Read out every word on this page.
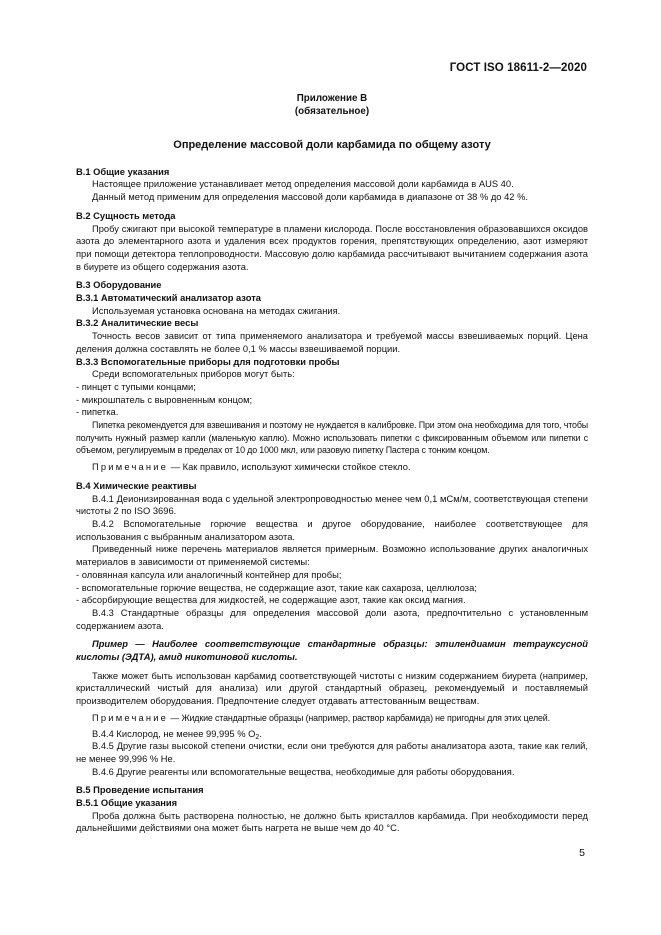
ГОСТ ISO 18611-2—2020
Приложение В
(обязательное)
Определение массовой доли карбамида по общему азоту
В.1 Общие указания

Настоящее приложение устанавливает метод определения массовой доли карбамида в AUS 40.

Данный метод применим для определения массовой доли карбамида в диапазоне от 38 % до 42 %.

В.2 Сущность метода

Пробу сжигают при высокой температуре в пламени кислорода. После восстановления образовавшихся оксидов азота до элементарного азота и удаления всех продуктов горения, препятствующих определению, азот измеряют при помощи детектора теплопроводности. Массовую долю карбамида рассчитывают вычитанием содержания азота в биурете из общего содержания азота.

В.3 Оборудование
В.3.1 Автоматический анализатор азота

Используемая установка основана на методах сжигания.

В.3.2 Аналитические весы

Точность весов зависит от типа применяемого анализатора и требуемой массы взвешиваемых порций. Цена деления должна составлять не более 0,1 % массы взвешиваемой порции.

В.3.3 Вспомогательные приборы для подготовки пробы

Среди вспомогательных приборов могут быть:

- пинцет с тупыми концами;

- микрошпатель с выровненным концом;

- пипетка.

Пипетка рекомендуется для взвешивания и поэтому не нуждается в калибровке. При этом она необходима для того, чтобы получить нужный размер капли (маленькую каплю). Можно использовать пипетки с фиксированным объемом или пипетки с объемом, регулируемым в пределах от 10 до 1000 мкл, или разовую пипетку Пастера с тонким концом.

Примечание — Как правило, используют химически стойкое стекло.

В.4 Химические реактивы

В.4.1 Деионизированная вода с удельной электропроводностью менее чем 0,1 мСм/м, соответствующая степени чистоты 2 по ISO 3696.

В.4.2 Вспомогательные горючие вещества и другое оборудование, наиболее соответствующее для использования с выбранным анализатором азота.

Приведенный ниже перечень материалов является примерным. Возможно использование других аналогичных материалов в зависимости от применяемой системы:

- оловянная капсула или аналогичный контейнер для пробы;

- вспомогательные горючие вещества, не содержащие азот, такие как сахароза, целлюлоза;

- абсорбирующие вещества для жидкостей, не содержащие азот, такие как оксид магния.

В.4.3 Стандартные образцы для определения массовой доли азота, предпочтительно с установленным содержанием азота.

Пример — Наиболее соответствующие стандартные образцы: этилендиамин тетрауксусной кислоты (ЭДТА), амид никотиновой кислоты.

Также может быть использован карбамид соответствующей чистоты с низким содержанием биурета (например, кристаллический чистый для анализа) или другой стандартный образец, рекомендуемый и поставляемый производителем оборудования. Предпочтение следует отдавать аттестованным веществам.

Примечание — Жидкие стандартные образцы (например, раствор карбамида) не пригодны для этих целей.

В.4.4 Кислород, не менее 99,995 % $O_2$.

В.4.5 Другие газы высокой степени очистки, если они требуются для работы анализатора азота, такие как гелий, не менее 99,996 % Не.

В.4.6 Другие реагенты или вспомогательные вещества, необходимые для работы оборудования.

В.5 Проведение испытания
В.5.1 Общие указания

Проба должна быть растворена полностью, не должно быть кристаллов карбамида. При необходимости перед дальнейшими действиями она может быть нагрета не выше чем до 40 °С.

5
